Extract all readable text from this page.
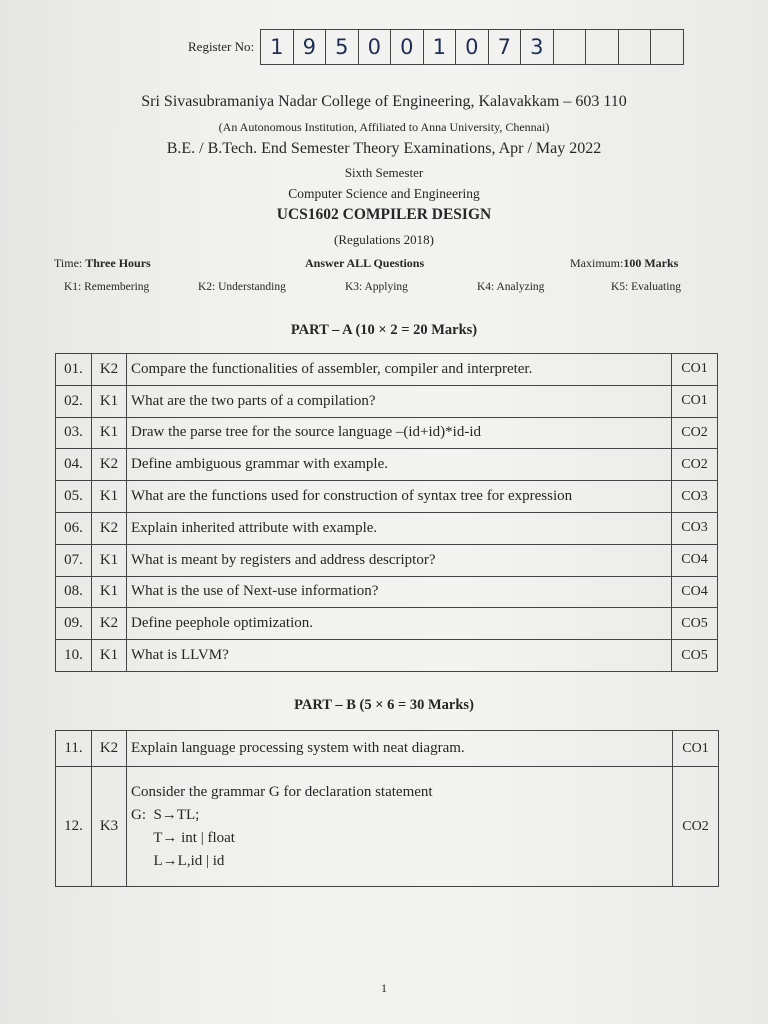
Register No: 1 9 5 0 0 1 0 7 3
Sri Sivasubramaniya Nadar College of Engineering, Kalavakkam – 603 110
(An Autonomous Institution, Affiliated to Anna University, Chennai)
B.E. / B.Tech. End Semester Theory Examinations, Apr / May 2022
Sixth Semester
Computer Science and Engineering
UCS1602 COMPILER DESIGN
(Regulations 2018)
Time: Three Hours	Answer ALL Questions	Maximum:100 Marks
K1: Remembering	K2: Understanding	K3: Applying	K4: Analyzing	K5: Evaluating
PART – A (10 × 2 = 20 Marks)
01.	K2	Compare the functionalities of assembler, compiler and interpreter.	CO1
02.	K1	What are the two parts of a compilation?	CO1
03.	K1	Draw the parse tree for the source language –(id+id)*id-id	CO2
04.	K2	Define ambiguous grammar with example.	CO2
05.	K1	What are the functions used for construction of syntax tree for expression	CO3
06.	K2	Explain inherited attribute with example.	CO3
07.	K1	What is meant by registers and address descriptor?	CO4
08.	K1	What is the use of Next-use information?	CO4
09.	K2	Define peephole optimization.	CO5
10.	K1	What is LLVM?	CO5
PART – B (5 × 6 = 30 Marks)
11.	K2	Explain language processing system with neat diagram.	CO1
12.	K3	Consider the grammar G for declaration statement
G:  S→TL;
T→ int | float
L→L,id | id	CO2
1
